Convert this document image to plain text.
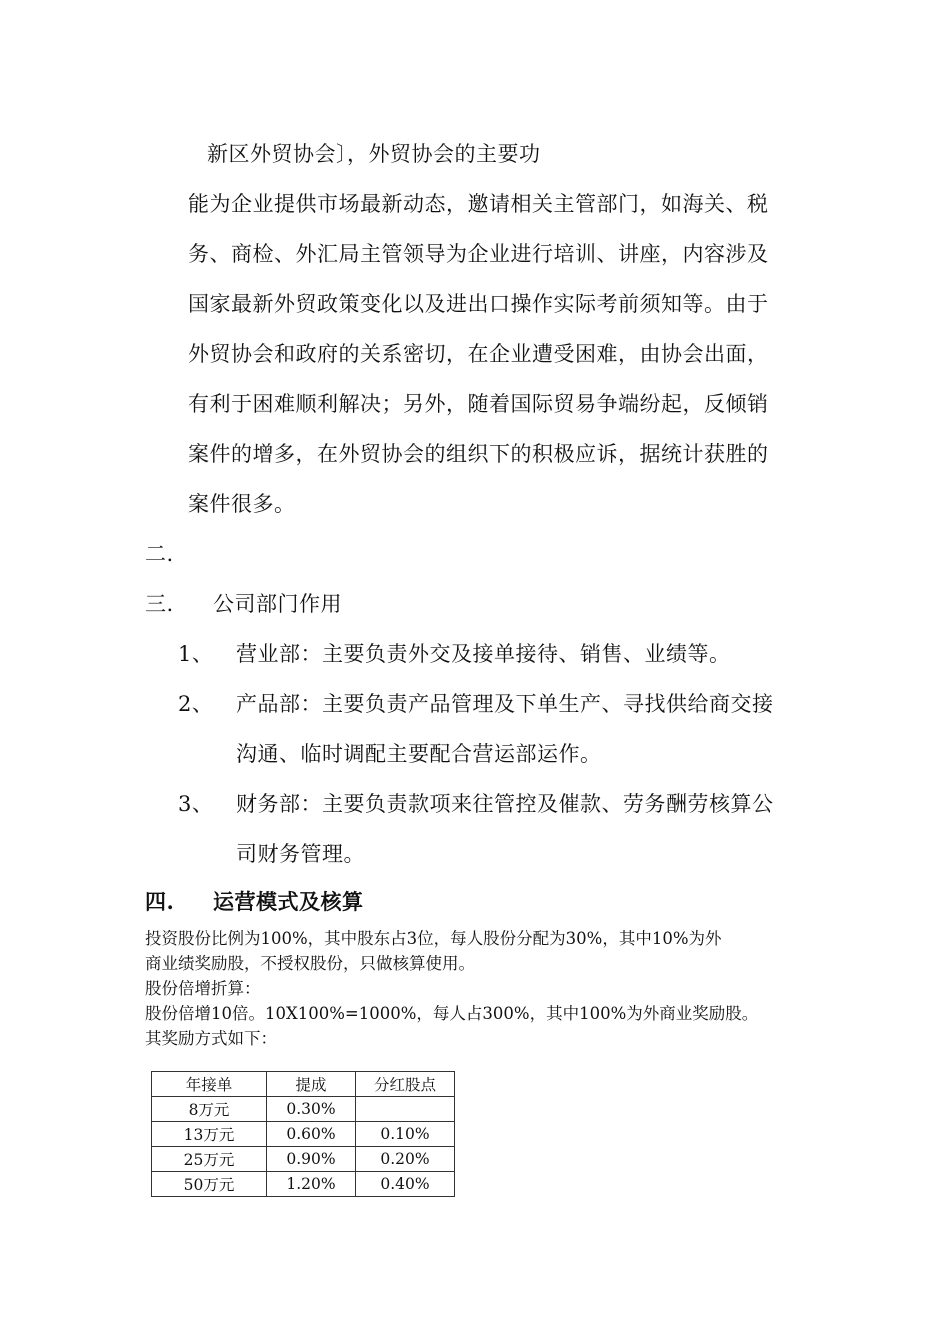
新区外贸协会〕，外贸协会的主要功
能为企业提供市场最新动态，邀请相关主管部门，如海关、税
务、商检、外汇局主管领导为企业进行培训、讲座，内容涉及
国家最新外贸政策变化以及进出口操作实际考前须知等。由于
外贸协会和政府的关系密切，在企业遭受困难，由协会出面，
有利于困难顺利解决；另外，随着国际贸易争端纷起，反倾销
案件的增多，在外贸协会的组织下的积极应诉，据统计获胜的
案件很多。
二.
三. 公司部门作用
1、 营业部：主要负责外交及接单接待、销售、业绩等。
2、 产品部：主要负责产品管理及下单生产、寻找供给商交接
沟通、临时调配主要配合营运部运作。
3、 财务部：主要负责款项来往管控及催款、劳务酬劳核算公
司财务管理。
四. 运营模式及核算
投资股份比例为100%，其中股东占3位，每人股份分配为30%，其中10%为外
商业绩奖励股，不授权股份，只做核算使用。
股份倍增折算：
股份倍增10倍。10X100%=1000%，每人占300%，其中100%为外商业奖励股。
其奖励方式如下：
年接单	提成	分红股点
8万元	0.30%	
13万元	0.60%	0.10%
25万元	0.90%	0.20%
50万元	1.20%	0.40%
